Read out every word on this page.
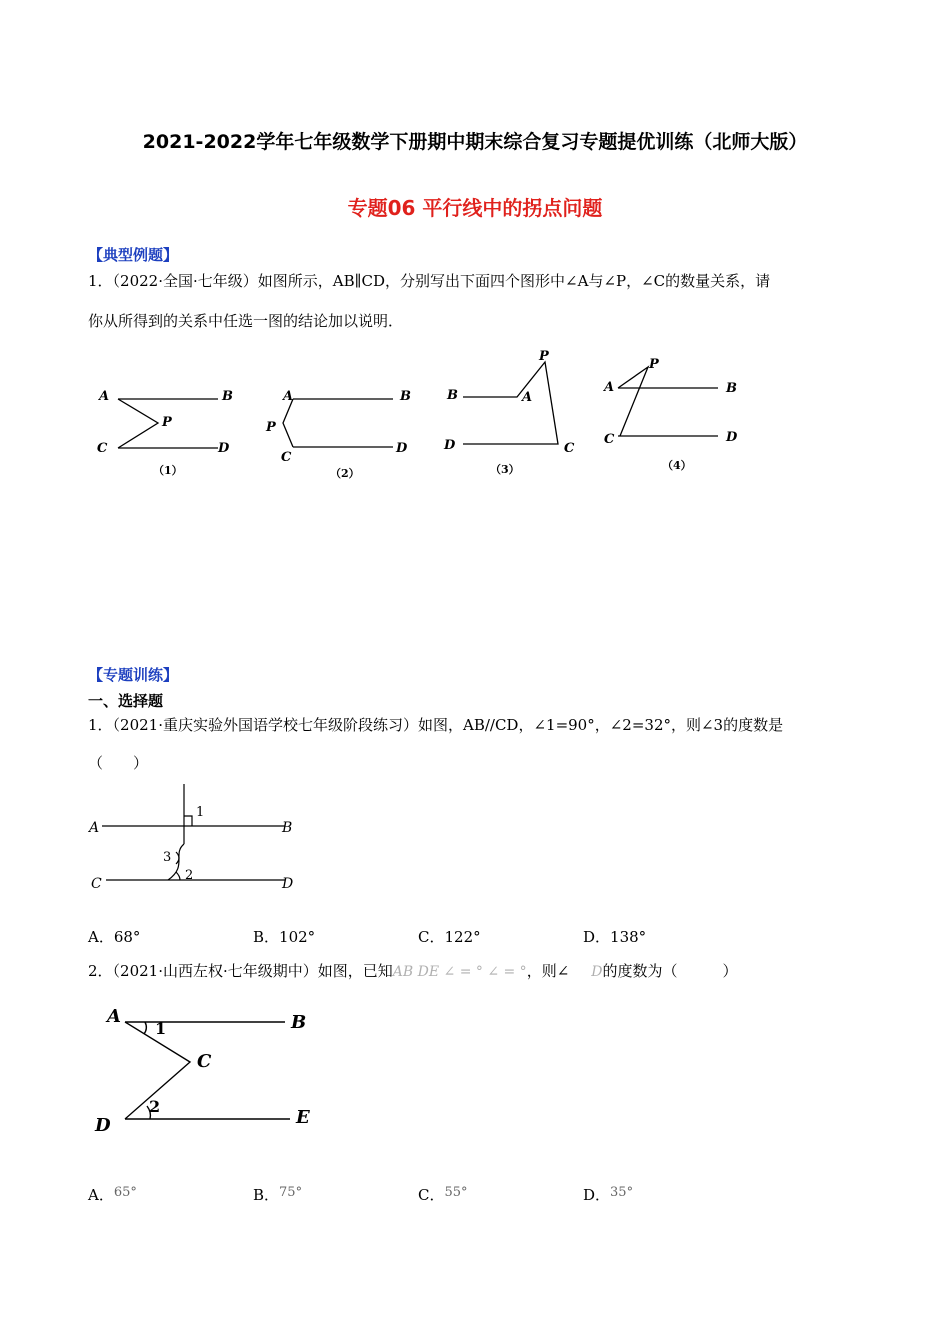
2021-2022学年七年级数学下册期中期末综合复习专题提优训练（北师大版）
专题06 平行线中的拐点问题
【典型例题】
1．（2022·全国·七年级）如图所示，AB∥CD，分别写出下面四个图形中∠A与∠P，∠C的数量关系，请
你从所得到的关系中任选一图的结论加以说明．
A	B
P
C	D
A	B
P
C
D
P
B	A
D	C
P
A	B
C	D
（1）	（2）	（3）	（4）
【专题训练】
一、选择题
1．（2021·重庆实验外国语学校七年级阶段练习）如图，AB//CD，∠1=90°，∠2=32°，则∠3的度数是
（　　）
A	B
C	D
1
3
2
A．68°	B．102°	C．122°	D．138°
2．（2021·山西左权·七年级期中）如图，已知AB DE ∠ = ° ∠ = °，则∠ D的度数为（　　　）
A	B
C
D	E
1
2
A．65°	B．75°	C．55°	D．35°
